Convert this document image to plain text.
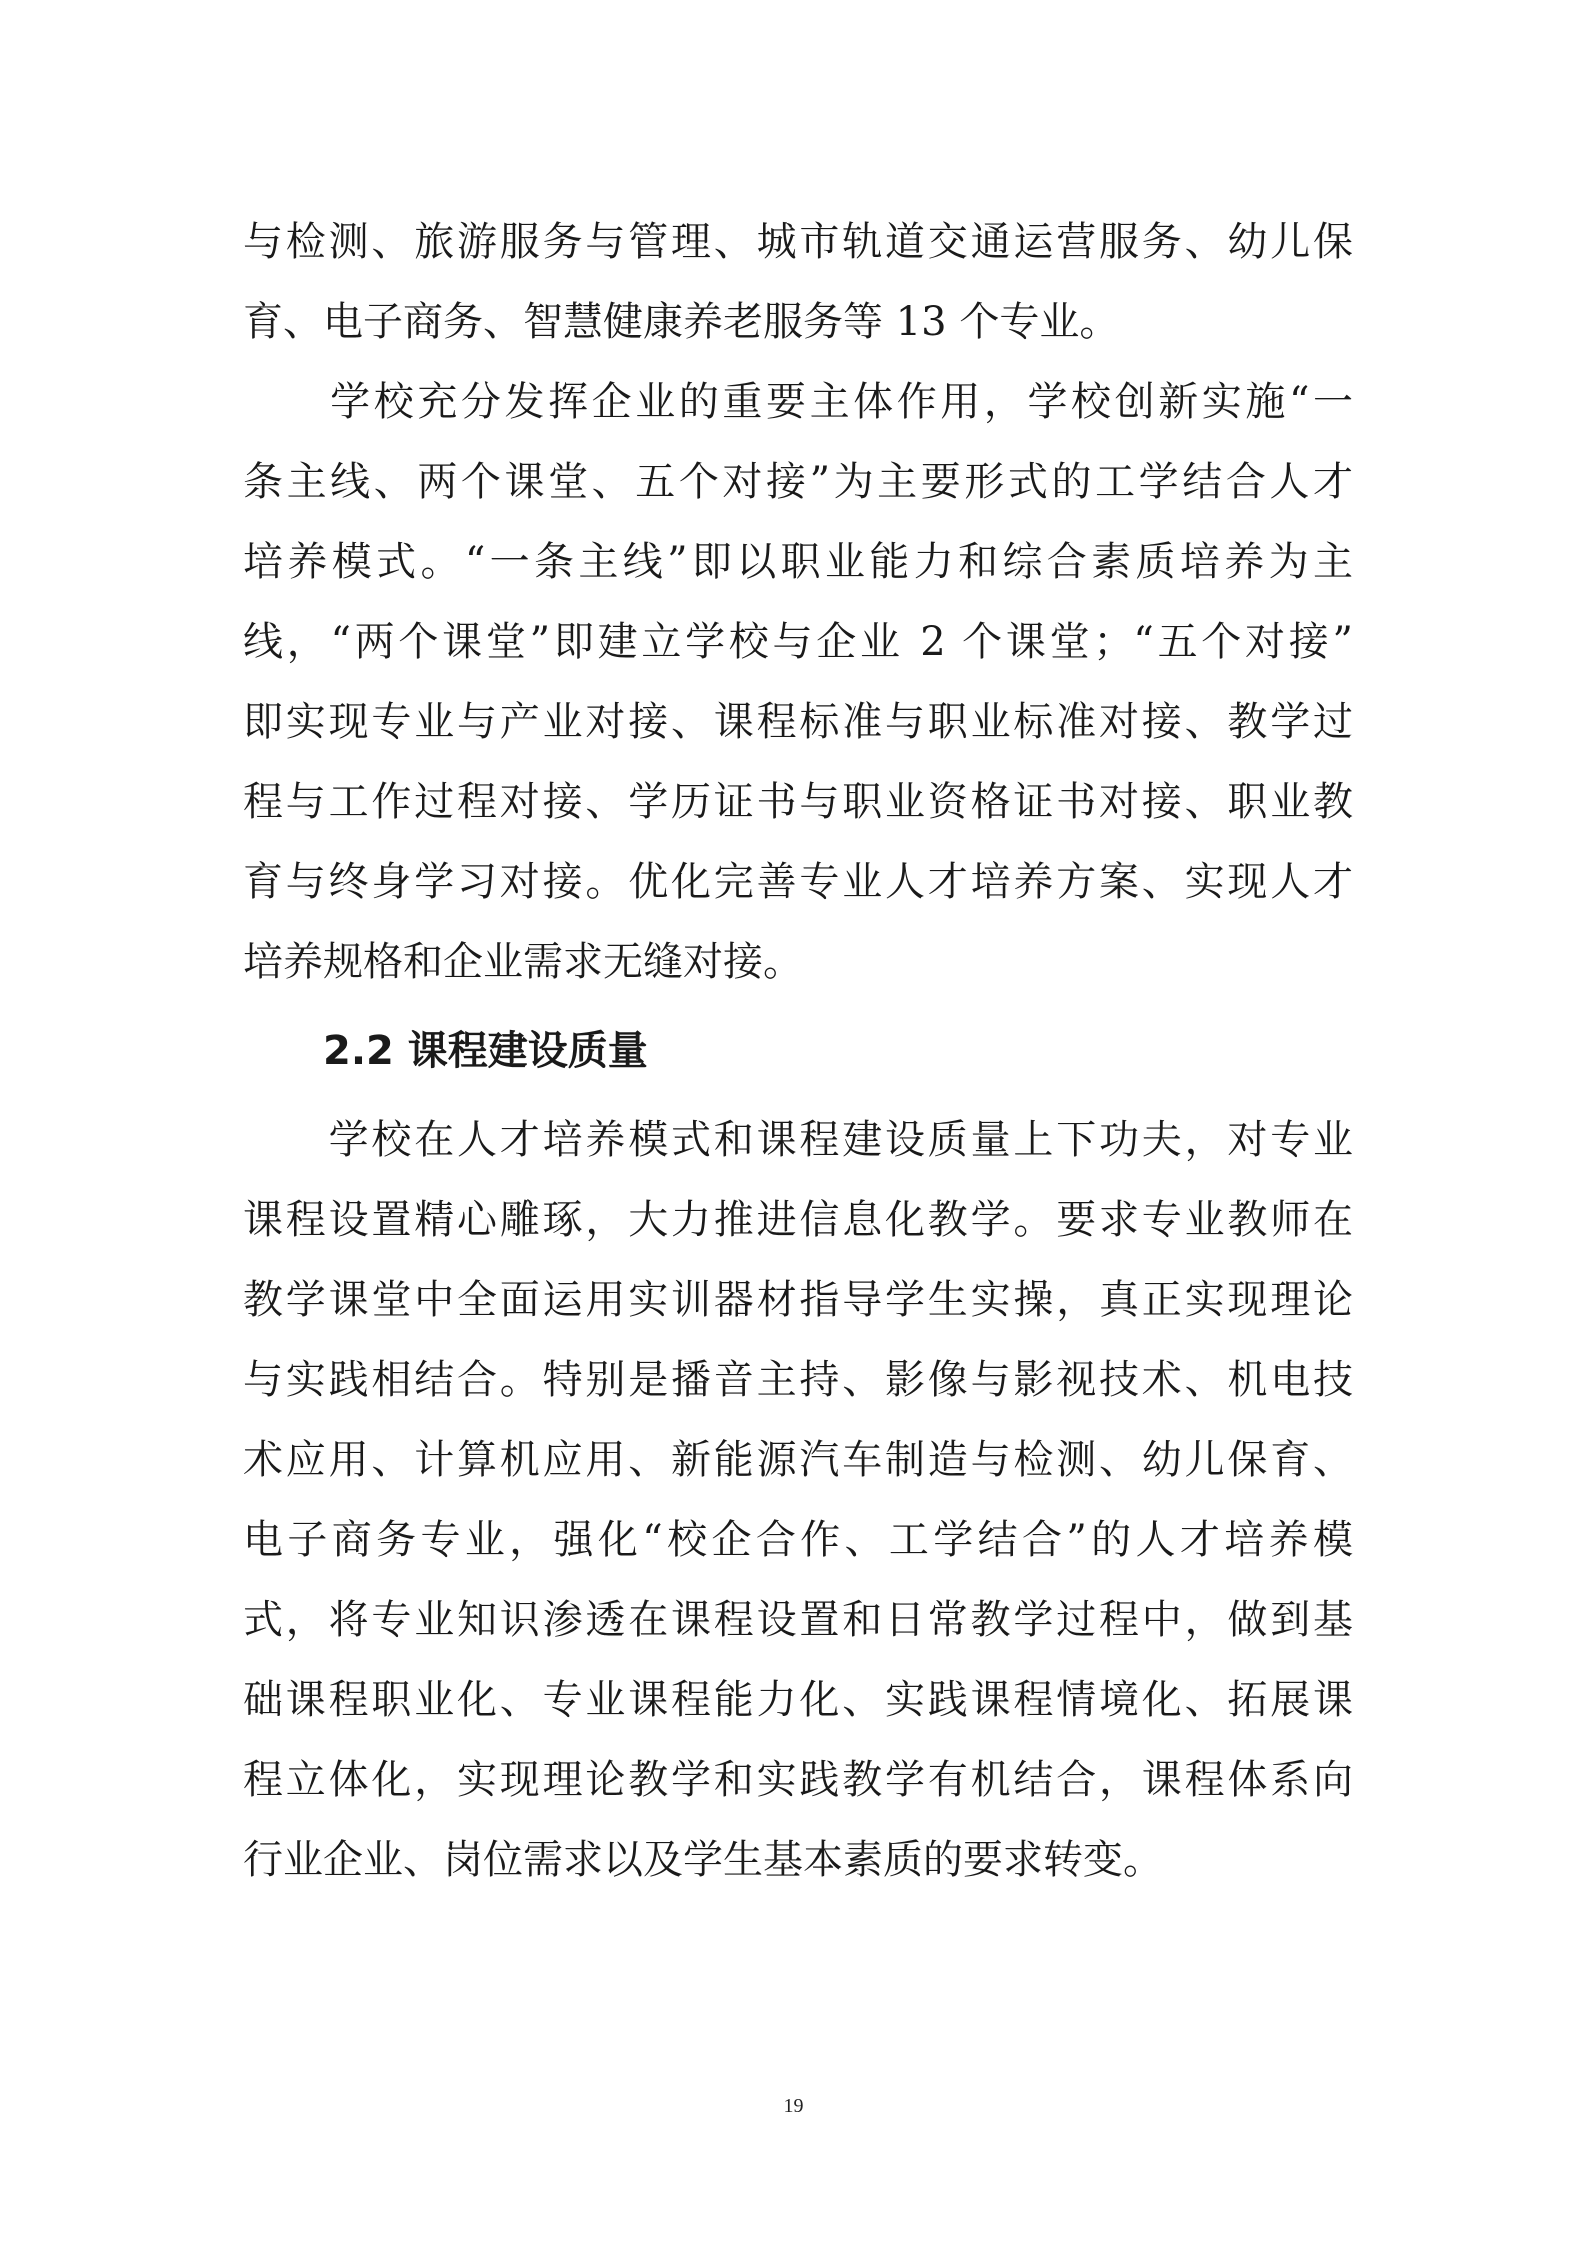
与检测、旅游服务与管理、城市轨道交通运营服务、幼儿保
育、电子商务、智慧健康养老服务等 13 个专业。
　　学校充分发挥企业的重要主体作用，学校创新实施“一
条主线、两个课堂、五个对接”为主要形式的工学结合人才
培养模式。“一条主线”即以职业能力和综合素质培养为主
线，“两个课堂”即建立学校与企业 2 个课堂；“五个对接”
即实现专业与产业对接、课程标准与职业标准对接、教学过
程与工作过程对接、学历证书与职业资格证书对接、职业教
育与终身学习对接。优化完善专业人才培养方案、实现人才
培养规格和企业需求无缝对接。
2.2 课程建设质量
　　学校在人才培养模式和课程建设质量上下功夫，对专业
课程设置精心雕琢，大力推进信息化教学。要求专业教师在
教学课堂中全面运用实训器材指导学生实操，真正实现理论
与实践相结合。特别是播音主持、影像与影视技术、机电技
术应用、计算机应用、新能源汽车制造与检测、幼儿保育、
电子商务专业，强化“校企合作、工学结合”的人才培养模
式，将专业知识渗透在课程设置和日常教学过程中，做到基
础课程职业化、专业课程能力化、实践课程情境化、拓展课
程立体化，实现理论教学和实践教学有机结合，课程体系向
行业企业、岗位需求以及学生基本素质的要求转变。
19
